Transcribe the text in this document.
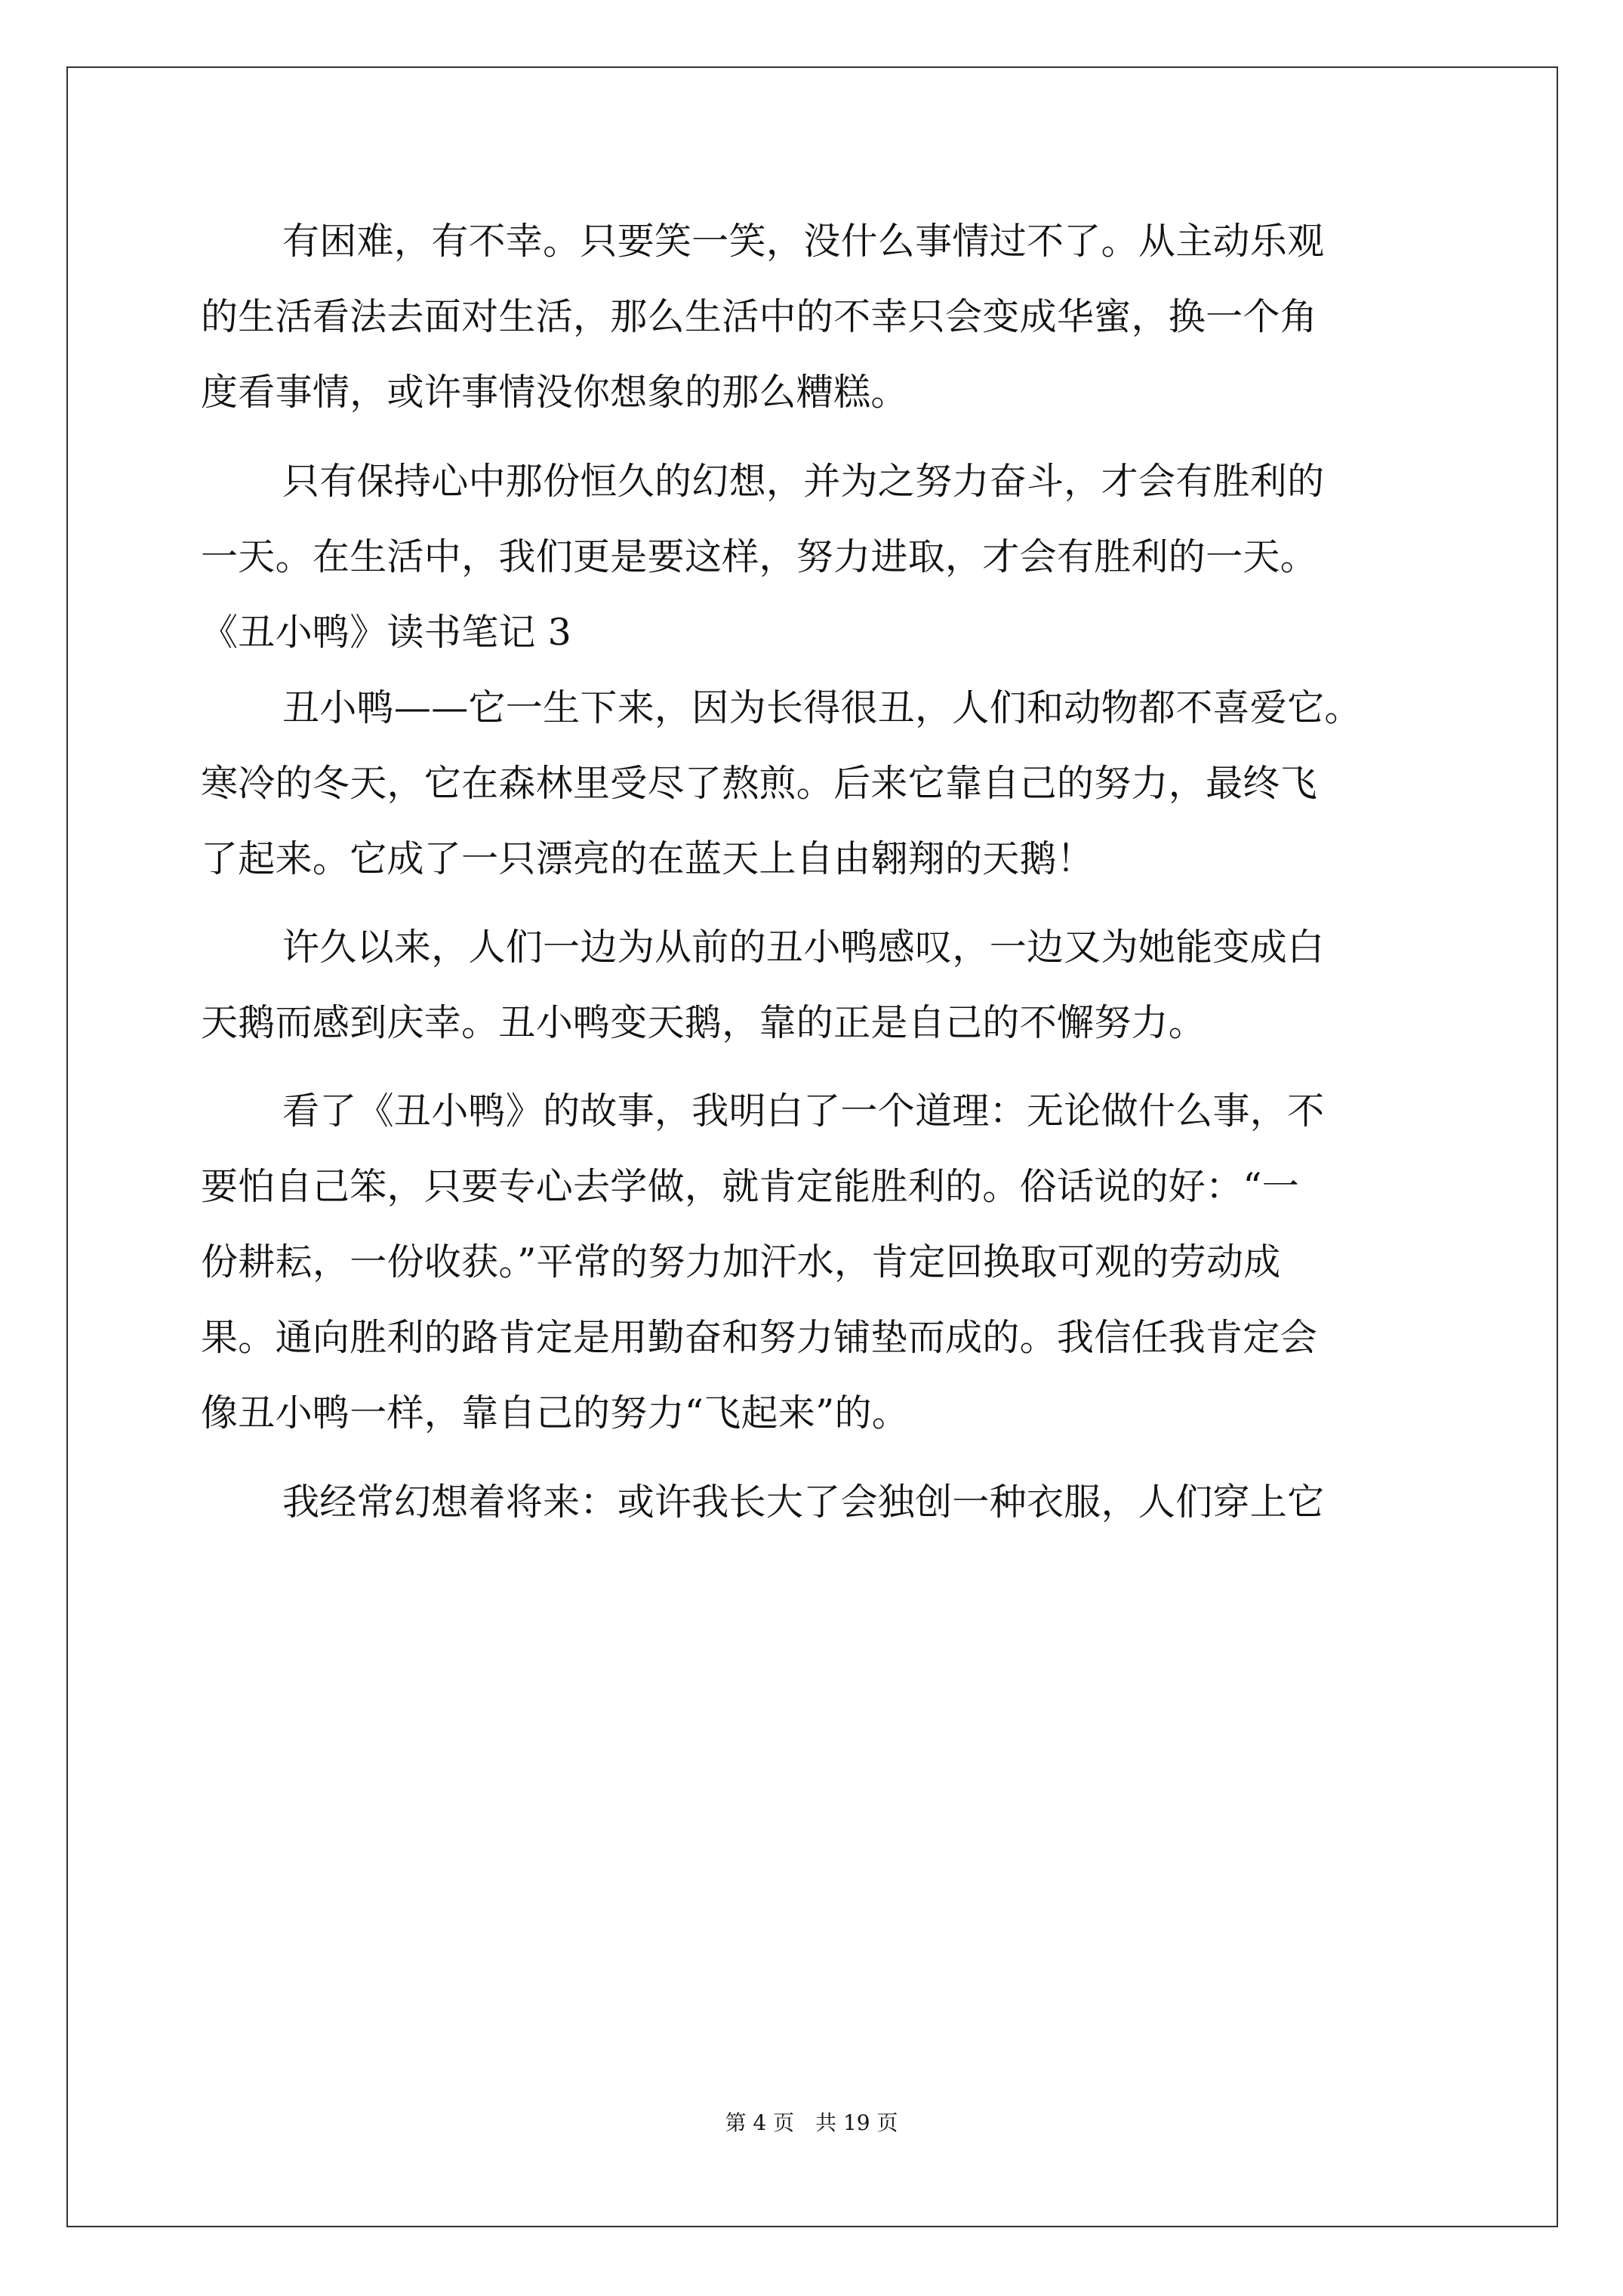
有困难，有不幸。只要笑一笑，没什么事情过不了。从主动乐观
的生活看法去面对生活，那么生活中的不幸只会变成华蜜，换一个角
度看事情，或许事情没你想象的那么糟糕。
只有保持心中那份恒久的幻想，并为之努力奋斗，才会有胜利的
一天。在生活中，我们更是要这样，努力进取，才会有胜利的一天。
《丑小鸭》读书笔记 3
丑小鸭——它一生下来，因为长得很丑，人们和动物都不喜爱它。
寒冷的冬天，它在森林里受尽了熬煎。后来它靠自己的努力，最终飞
了起来。它成了一只漂亮的在蓝天上自由翱翔的天鹅！
许久以来，人们一边为从前的丑小鸭感叹，一边又为她能变成白
天鹅而感到庆幸。丑小鸭变天鹅，靠的正是自己的不懈努力。
看了《丑小鸭》的故事，我明白了一个道理：无论做什么事，不
要怕自己笨，只要专心去学做，就肯定能胜利的。俗话说的好：“一
份耕耘，一份收获。”平常的努力加汗水，肯定回换取可观的劳动成
果。通向胜利的路肯定是用勤奋和努力铺垫而成的。我信任我肯定会
像丑小鸭一样，靠自己的努力“飞起来”的。
我经常幻想着将来：或许我长大了会独创一种衣服，人们穿上它
第 4 页 共 19 页
